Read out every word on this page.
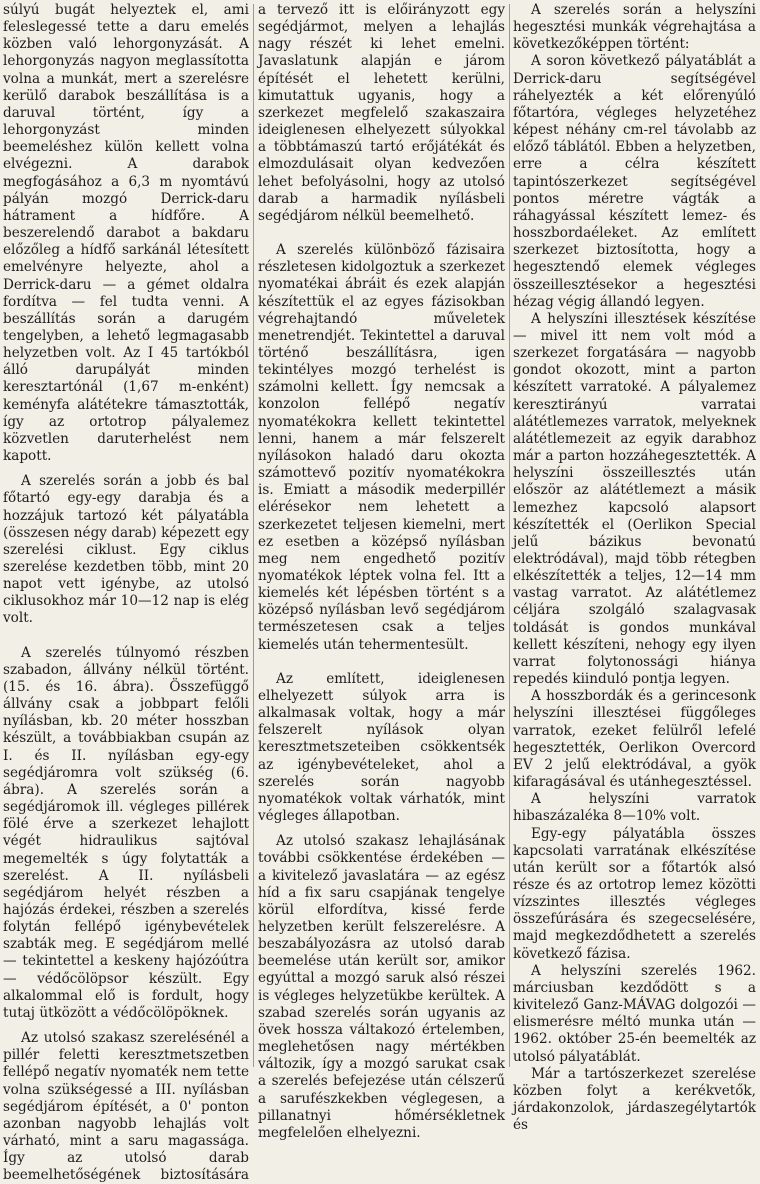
súlyú bugát helyeztek el, ami feleslegessé tette a daru emelés közben való lehorgonyzását. A lehorgonyzás nagyon meglassította volna a munkát, mert a szerelésre kerülő darabok beszállítása is a daruval történt, így a lehorgonyzást minden beemeléshez külön kellett volna elvégezni. A darabok megfogásához a 6,3 m nyomtávú pályán mozgó Derrick-daru hátrament a hídfőre. A beszerelendő darabot a bakdaru előzőleg a hídfő sarkánál létesített emelvényre helyezte, ahol a Derrick-daru — a gémet oldalra fordítva — fel tudta venni. A beszállítás során a darugém tengelyben, a lehető legmagasabb helyzetben volt. Az I 45 tartókból álló darupályát minden keresztartónál (1,67 m-enként) keményfa alátétekre támasztották, így az ortotrop pályalemez közvetlen daruterhelést nem kapott.

A szerelés során a jobb és bal főtartó egy-egy darabja és a hozzájuk tartozó két pályatábla (összesen négy darab) képezett egy szerelési ciklust. Egy ciklus szerelése kezdetben több, mint 20 napot vett igénybe, az utolsó ciklusokhoz már 10—12 nap is elég volt.

A szerelés túlnyomó részben szabadon, állvány nélkül történt. (15. és 16. ábra). Összefüggő állvány csak a jobbpart felőli nyílásban, kb. 20 méter hosszban készült, a továbbiakban csupán az I. és II. nyílásban egy-egy segédjáromra volt szükség (6. ábra). A szerelés során a segédjáromok ill. végleges pillérek fölé érve a szerkezet lehajlott végét hidraulikus sajtóval megemelték s úgy folytatták a szerelést. A II. nyílásbeli segédjárom helyét részben a hajózás érdekei, részben a szerelés folytán fellépő igénybevételek szabták meg. E segédjárom mellé — tekintettel a keskeny hajózóútra — védőcölöpsor készült. Egy alkalommal elő is fordult, hogy tutaj ütközött a védőcölöpöknek.

Az utolsó szakasz szerelésénél a pillér feletti keresztmetszetben fellépő negatív nyomaték nem tette volna szükségessé a III. nyílásban segédjárom építését, a 0' ponton azonban nagyobb lehajlás volt várható, mint a saru magassága. Így az utolsó darab beemelhetőségének biztosítására

a tervező itt is előirányzott egy segédjármot, melyen a lehajlás nagy részét ki lehet emelni. Javaslatunk alapján e járom építését el lehetett kerülni, kimutattuk ugyanis, hogy a szerkezet megfelelő szakaszaira ideiglenesen elhelyezett súlyokkal a többtámaszú tartó erőjátékát és elmozdulásait olyan kedvezően lehet befolyásolni, hogy az utolsó darab a harmadik nyílásbeli segédjárom nélkül beemelhető.

A szerelés különböző fázisaira részletesen kidolgoztuk a szerkezet nyomatékai ábráit és ezek alapján készítettük el az egyes fázisokban végrehajtandó műveletek menetrendjét. Tekintettel a daruval történő beszállításra, igen tekintélyes mozgó terhelést is számolni kellett. Így nemcsak a konzolon fellépő negatív nyomatékokra kellett tekintettel lenni, hanem a már felszerelt nyílásokon haladó daru okozta számottevő pozitív nyomatékokra is. Emiatt a második mederpillér elérésekor nem lehetett a szerkezetet teljesen kiemelni, mert ez esetben a középső nyílásban meg nem engedhető pozitív nyomatékok léptek volna fel. Itt a kiemelés két lépésben történt s a középső nyílásban levő segédjárom természetesen csak a teljes kiemelés után tehermentesült.

Az említett, ideiglenesen elhelyezett súlyok arra is alkalmasak voltak, hogy a már felszerelt nyílások olyan keresztmetszeteiben csökkentsék az igénybevételeket, ahol a szerelés során nagyobb nyomatékok voltak várhatók, mint végleges állapotban.

Az utolsó szakasz lehajlásának további csökkentése érdekében — a kivitelező javaslatára — az egész híd a fix saru csapjának tengelye körül elfordítva, kissé ferde helyzetben került felszerelésre. A beszabályozásra az utolsó darab beemelése után került sor, amikor egyúttal a mozgó saruk alsó részei is végleges helyzetükbe kerültek. A szabad szerelés során ugyanis az övek hossza váltakozó értelemben, meglehetősen nagy mértékben változik, így a mozgó sarukat csak a szerelés befejezése után célszerű a sarufészkekben véglegesen, a pillanatnyi hőmérsékletnek megfelelően elhelyezni.

A szerelés során a helyszíni hegesztési munkák végrehajtása a következőképpen történt:

A soron következő pályatáblát a Derrick-daru segítségével ráhelyezték a két előrenyúló főtartóra, végleges helyzetéhez képest néhány cm-rel távolabb az előző táblától. Ebben a helyzetben, erre a célra készített tapintószerkezet segítségével pontos méretre vágták a ráhagyással készített lemez- és hosszbordaéleket. Az említett szerkezet biztosította, hogy a hegesztendő elemek végleges összeillesztésekor a hegesztési hézag végig állandó legyen.

A helyszíni illesztések készítése — mivel itt nem volt mód a szerkezet forgatására — nagyobb gondot okozott, mint a parton készített varratoké. A pályalemez keresztirányú varratai alátétlemezes varratok, melyeknek alátétlemezeit az egyik darabhoz már a parton hozzáhegesztették. A helyszíni összeillesztés után először az alátétlemezt a másik lemezhez kapcsoló alapsort készítették el (Oerlikon Special jelű bázikus bevonatú elektródával), majd több rétegben elkészítették a teljes, 12—14 mm vastag varratot. Az alátétlemez céljára szolgáló szalagvasak toldását is gondos munkával kellett készíteni, nehogy egy ilyen varrat folytonossági hiánya repedés kiinduló pontja legyen.

A hosszbordák és a gerincesonk helyszíni illesztései függőleges varratok, ezeket felülről lefelé hegesztették, Oerlikon Overcord EV 2 jelű elektródával, a gyök kifaragásával és utánhegesztéssel.

A helyszíni varratok hibaszázaléka 8—10% volt.

Egy-egy pályatábla összes kapcsolati varratának elkészítése után került sor a főtartók alsó része és az ortotrop lemez közötti vízszintes illesztés végleges összefúrására és szegecselésére, majd megkezdődhetett a szerelés következő fázisa.

A helyszíni szerelés 1962. márciusban kezdődött s a kivitelező Ganz-MÁVAG dolgozói — elismerésre méltó munka után — 1962. október 25-én beemelték az utolsó pályatáblát.

Már a tartószerkezet szerelése közben folyt a kerékvetők, járdakonzolok, járdaszegélytartók és
